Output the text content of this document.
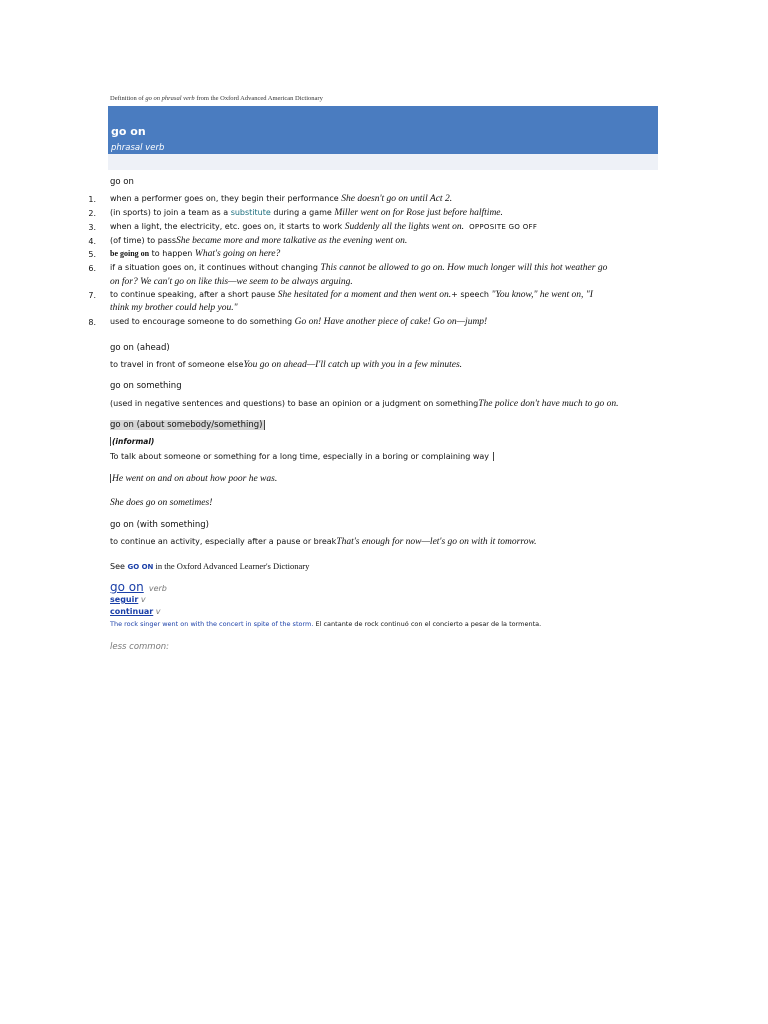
Definition of go on phrasal verb from the Oxford Advanced American Dictionary
go on
phrasal verb
go on
1. when a performer goes on, they begin their performance She doesn't go on until Act 2.
2. (in sports) to join a team as a substitute during a game Miller went on for Rose just before halftime.
3. when a light, the electricity, etc. goes on, it starts to work Suddenly all the lights went on. OPPOSITE GO OFF
4. (of time) to passShe became more and more talkative as the evening went on.
5. be going on to happen What's going on here?
6. if a situation goes on, it continues without changing This cannot be allowed to go on. How much longer will this hot weather go
on for? We can't go on like this—we seem to be always arguing.
7. to continue speaking, after a short pause She hesitated for a moment and then went on.+ speech "You know," he went on, "I
think my brother could help you."
8. used to encourage someone to do something Go on! Have another piece of cake! Go on—jump!
go on (ahead)
to travel in front of someone elseYou go on ahead—I'll catch up with you in a few minutes.
go on something
(used in negative sentences and questions) to base an opinion or a judgment on somethingThe police don't have much to go on.
go on (about somebody/something)
(informal)
To talk about someone or something for a long time, especially in a boring or complaining way
He went on and on about how poor he was.
She does go on sometimes!
go on (with something)
to continue an activity, especially after a pause or breakThat's enough for now—let's go on with it tomorrow.
See GO ON in the Oxford Advanced Learner's Dictionary
go on verb
seguir v
continuar v
The rock singer went on with the concert in spite of the storm. El cantante de rock continuó con el concierto a pesar de la tormenta.
less common:
